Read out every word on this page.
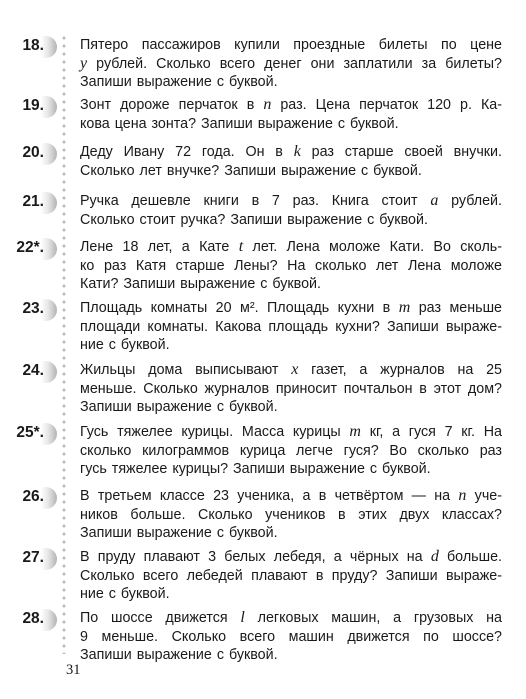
18.	Пятеро пассажиров купили проездные билеты по цене
y рублей. Сколько всего денег они заплатили за билеты?
Запиши выражение с буквой.
19.	Зонт дороже перчаток в n раз. Цена перчаток 120 р. Ка-
кова цена зонта? Запиши выражение с буквой.
20.	Деду Ивану 72 года. Он в k раз старше своей внучки.
Сколько лет внучке? Запиши выражение с буквой.
21.	Ручка дешевле книги в 7 раз. Книга стоит a рублей.
Сколько стоит ручка? Запиши выражение с буквой.
22*.	Лене 18 лет, а Кате t лет. Лена моложе Кати. Во сколь-
ко раз Катя старше Лены? На сколько лет Лена моложе
Кати? Запиши выражение с буквой.
23.	Площадь комнаты 20 м². Площадь кухни в m раз меньше
площади комнаты. Какова площадь кухни? Запиши выраже-
ние с буквой.
24.	Жильцы дома выписывают x газет, а журналов на 25
меньше. Сколько журналов приносит почтальон в этот дом?
Запиши выражение с буквой.
25*.	Гусь тяжелее курицы. Масса курицы m кг, а гуся 7 кг. На
сколько килограммов курица легче гуся? Во сколько раз
гусь тяжелее курицы? Запиши выражение с буквой.
26.	В третьем классе 23 ученика, а в четвёртом — на n уче-
ников больше. Сколько учеников в этих двух классах?
Запиши выражение с буквой.
27.	В пруду плавают 3 белых лебедя, а чёрных на d больше.
Сколько всего лебедей плавают в пруду? Запиши выраже-
ние с буквой.
28.	По шоссе движется l легковых машин, а грузовых на
9 меньше. Сколько всего машин движется по шоссе?
Запиши выражение с буквой.
31
